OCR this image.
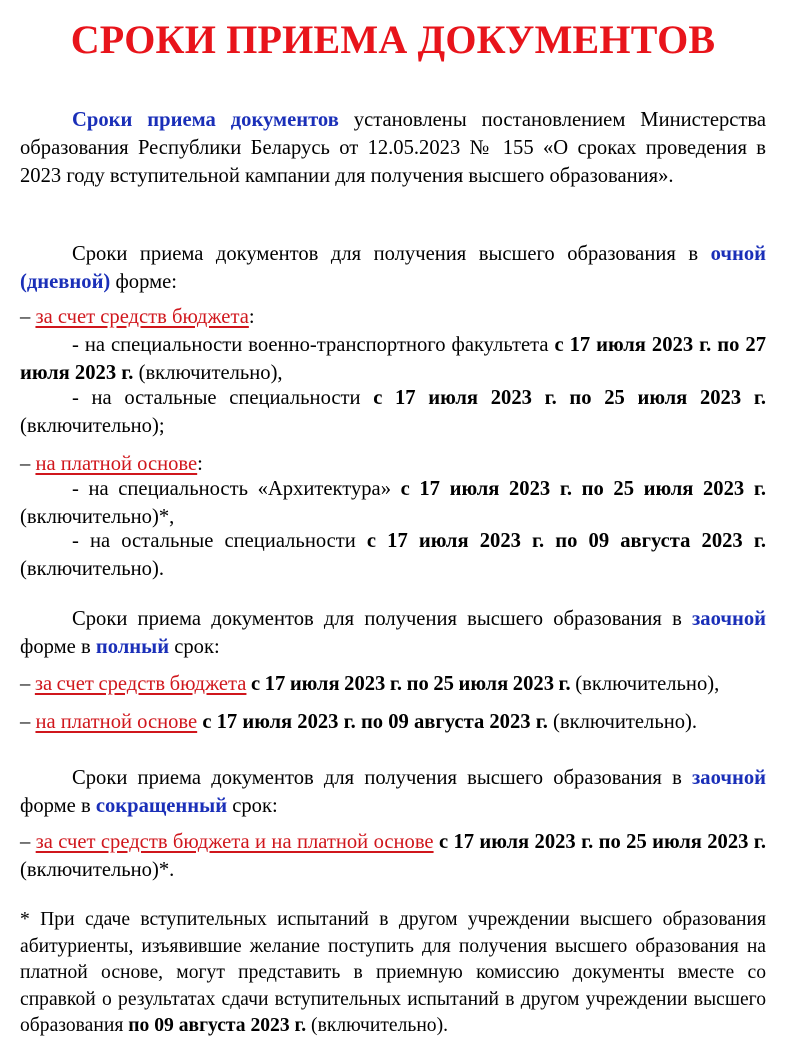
СРОКИ ПРИЕМА ДОКУМЕНТОВ

Сроки приема документов установлены постановлением Министерства образования Республики Беларусь от 12.05.2023 № 155 «О сроках проведения в 2023 году вступительной кампании для получения высшего образования».

Сроки приема документов для получения высшего образования в очной (дневной) форме:

– за счет средств бюджета:

- на специальности военно-транспортного факультета с 17 июля 2023 г. по 27 июля 2023 г. (включительно),

- на остальные специальности с 17 июля 2023 г. по 25 июля 2023 г. (включительно);

– на платной основе:

- на специальность «Архитектура» с 17 июля 2023 г. по 25 июля 2023 г. (включительно)*,

- на остальные специальности с 17 июля 2023 г. по 09 августа 2023 г. (включительно).

Сроки приема документов для получения высшего образования в заочной форме в полный срок:

– за счет средств бюджета с 17 июля 2023 г. по 25 июля 2023 г. (включительно),

– на платной основе с 17 июля 2023 г. по 09 августа 2023 г. (включительно).

Сроки приема документов для получения высшего образования в заочной форме в сокращенный срок:

– за счет средств бюджета и на платной основе с 17 июля 2023 г. по 25 июля 2023 г. (включительно)*.

* При сдаче вступительных испытаний в другом учреждении высшего образования абитуриенты, изъявившие желание поступить для получения высшего образования на платной основе, могут представить в приемную комиссию документы вместе со справкой о результатах сдачи вступительных испытаний в другом учреждении высшего образования по 09 августа 2023 г. (включительно).
